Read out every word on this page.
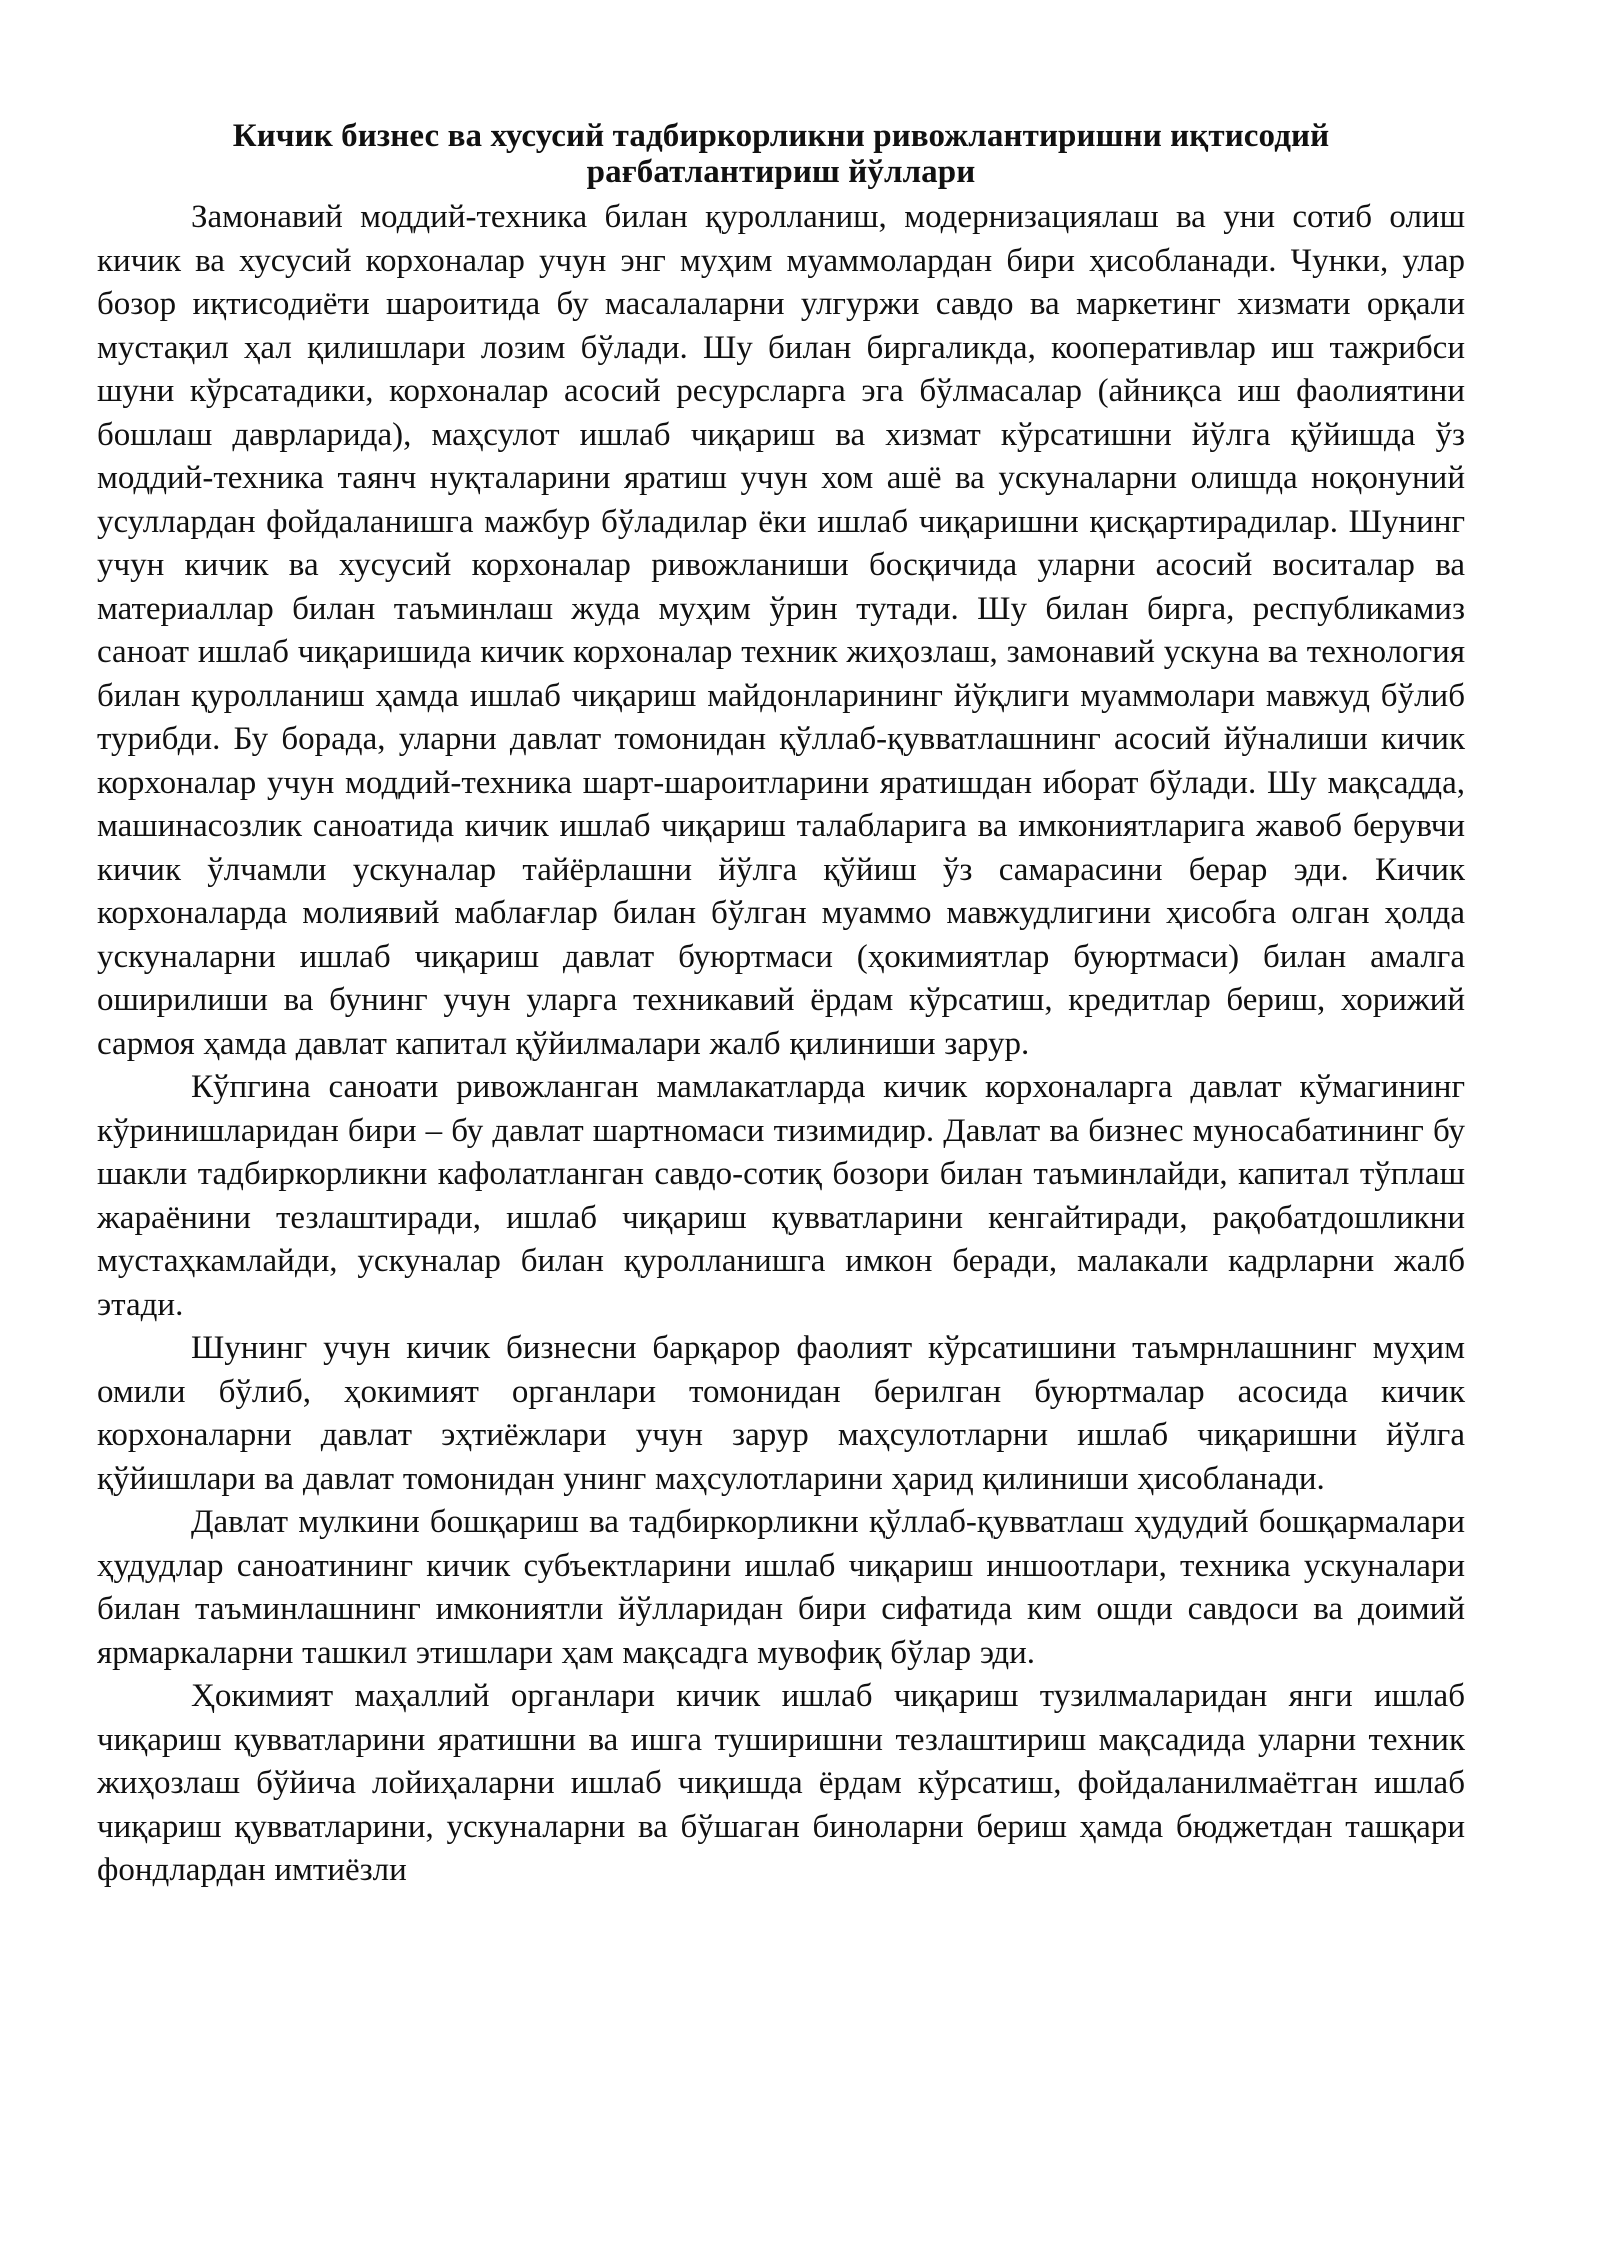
Кичик бизнес ва хусусий тадбиркорликни ривожлантиришни иқтисодий
рағбатлантириш йўллари

Замонавий моддий-техника билан қуролланиш, модернизациялаш ва уни сотиб олиш кичик ва хусусий корхоналар учун энг муҳим муаммолардан бири ҳисобланади. Чунки, улар бозор иқтисодиёти шароитида бу масалаларни улгуржи савдо ва маркетинг хизмати орқали мустақил ҳал қилишлари лозим бўлади. Шу билан биргаликда, кооперативлар иш тажрибси шуни кўрсатадики, корхоналар асосий ресурсларга эга бўлмасалар (айниқса иш фаолиятини бошлаш даврларида), маҳсулот ишлаб чиқариш ва хизмат кўрсатишни йўлга қўйишда ўз моддий-техника таянч нуқталарини яратиш учун хом ашё ва ускуналарни олишда ноқонуний усуллардан фойдаланишга мажбур бўладилар ёки ишлаб чиқаришни қисқартирадилар. Шунинг учун кичик ва хусусий корхоналар ривожланиши босқичида уларни асосий воситалар ва материаллар билан таъминлаш жуда муҳим ўрин тутади. Шу билан бирга, республикамиз саноат ишлаб чиқаришида кичик корхоналар техник жиҳозлаш, замонавий ускуна ва технология билан қуролланиш ҳамда ишлаб чиқариш майдонларининг йўқлиги муаммолари мавжуд бўлиб турибди. Бу борада, уларни давлат томонидан қўллаб-қувватлашнинг асосий йўналиши кичик корхоналар учун моддий-техника шарт-шароитларини яратишдан иборат бўлади. Шу мақсадда, машинасозлик саноатида кичик ишлаб чиқариш талабларига ва имкониятларига жавоб берувчи кичик ўлчамли ускуналар тайёрлашни йўлга қўйиш ўз самарасини берар эди. Кичик корхоналарда молиявий маблағлар билан бўлган муаммо мавжудлигини ҳисобга олган ҳолда ускуналарни ишлаб чиқариш давлат буюртмаси (ҳокимиятлар буюртмаси) билан амалга оширилиши ва бунинг учун уларга техникавий ёрдам кўрсатиш, кредитлар бериш, хорижий сармоя ҳамда давлат капитал қўйилмалари жалб қилиниши зарур.

Кўпгина саноати ривожланган мамлакатларда кичик корхоналарга давлат кўмагининг кўринишларидан бири – бу давлат шартномаси тизимидир. Давлат ва бизнес муносабатининг бу шакли тадбиркорликни кафолатланган савдо-сотиқ бозори билан таъминлайди, капитал тўплаш жараёнини тезлаштиради, ишлаб чиқариш қувватларини кенгайтиради, рақобатдошликни мустаҳкамлайди, ускуналар билан қуролланишга имкон беради, малакали кадрларни жалб этади.

Шунинг учун кичик бизнесни барқарор фаолият кўрсатишини таъмрнлашнинг муҳим омили бўлиб, ҳокимият органлари томонидан берилган буюртмалар асосида кичик корхоналарни давлат эҳтиёжлари учун зарур маҳсулотларни ишлаб чиқаришни йўлга қўйишлари ва давлат томонидан унинг маҳсулотларини ҳарид қилиниши ҳисобланади.

Давлат мулкини бошқариш ва тадбиркорликни қўллаб-қувватлаш ҳудудий бошқармалари ҳудудлар саноатининг кичик субъектларини ишлаб чиқариш иншоотлари, техника ускуналари билан таъминлашнинг имкониятли йўлларидан бири сифатида ким ошди савдоси ва доимий ярмаркаларни ташкил этишлари ҳам мақсадга мувофиқ бўлар эди.

Ҳокимият маҳаллий органлари кичик ишлаб чиқариш тузилмаларидан янги ишлаб чиқариш қувватларини яратишни ва ишга туширишни тезлаштириш мақсадида уларни техник жиҳозлаш бўйича лойиҳаларни ишлаб чиқишда ёрдам кўрсатиш, фойдаланилмаётган ишлаб чиқариш қувватларини, ускуналарни ва бўшаган биноларни бериш ҳамда бюджетдан ташқари фондлардан имтиёзли
